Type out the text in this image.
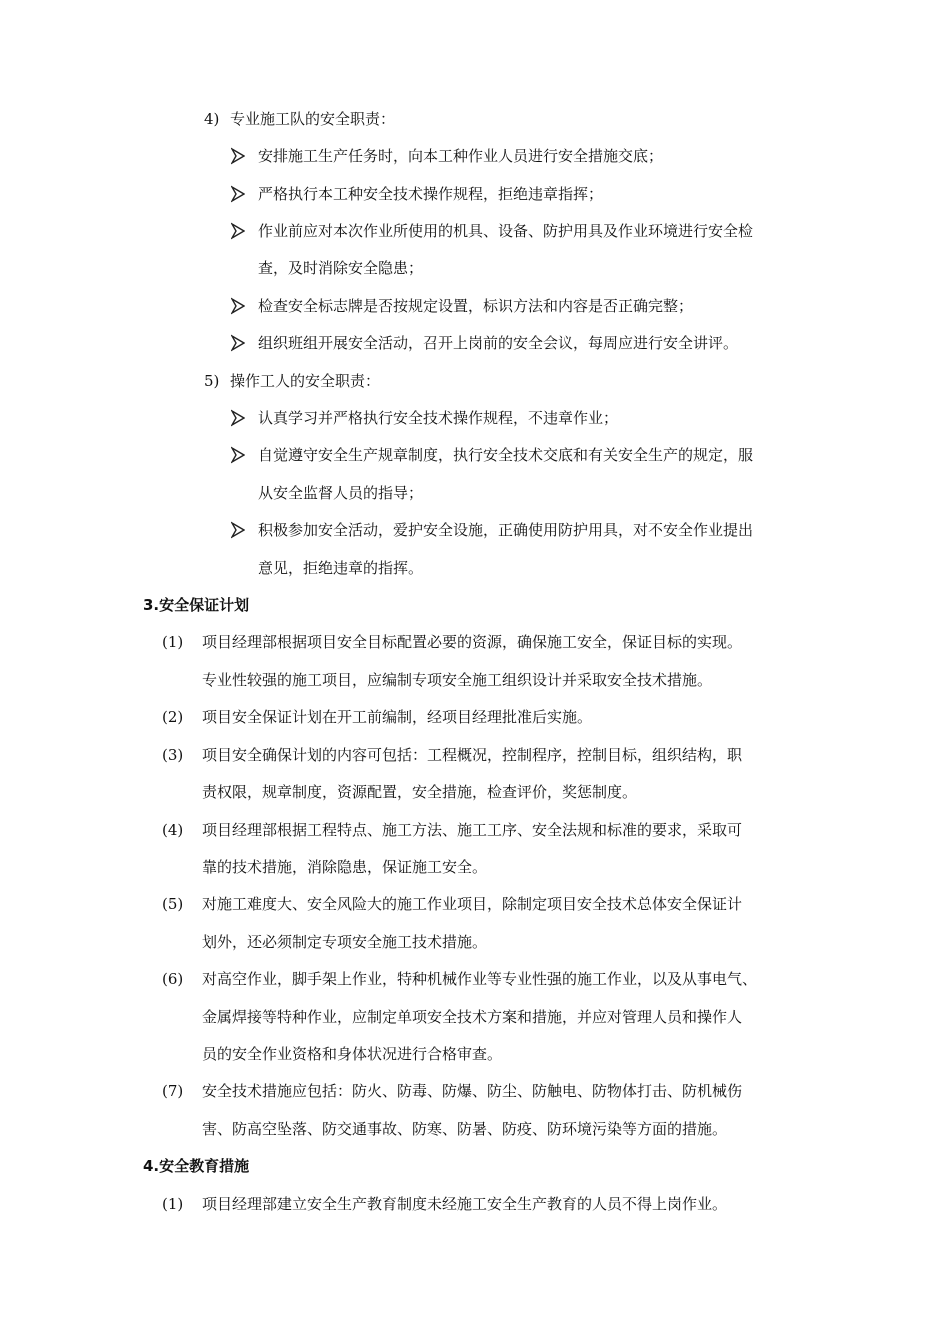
4) 专业施工队的安全职责：
安排施工生产任务时，向本工种作业人员进行安全措施交底；
严格执行本工种安全技术操作规程，拒绝违章指挥；
作业前应对本次作业所使用的机具、设备、防护用具及作业环境进行安全检
查，及时消除安全隐患；
检查安全标志牌是否按规定设置，标识方法和内容是否正确完整；
组织班组开展安全活动，召开上岗前的安全会议，每周应进行安全讲评。
5) 操作工人的安全职责：
认真学习并严格执行安全技术操作规程，不违章作业；
自觉遵守安全生产规章制度，执行安全技术交底和有关安全生产的规定，服
从安全监督人员的指导；
积极参加安全活动，爱护安全设施，正确使用防护用具，对不安全作业提出
意见，拒绝违章的指挥。
3.安全保证计划
(1) 项目经理部根据项目安全目标配置必要的资源，确保施工安全，保证目标的实现。
专业性较强的施工项目，应编制专项安全施工组织设计并采取安全技术措施。
(2) 项目安全保证计划在开工前编制，经项目经理批准后实施。
(3) 项目安全确保计划的内容可包括：工程概况，控制程序，控制目标，组织结构，职
责权限，规章制度，资源配置，安全措施，检查评价，奖惩制度。
(4) 项目经理部根据工程特点、施工方法、施工工序、安全法规和标准的要求，采取可
靠的技术措施，消除隐患，保证施工安全。
(5) 对施工难度大、安全风险大的施工作业项目，除制定项目安全技术总体安全保证计
划外，还必须制定专项安全施工技术措施。
(6) 对高空作业，脚手架上作业，特种机械作业等专业性强的施工作业，以及从事电气、
金属焊接等特种作业，应制定单项安全技术方案和措施，并应对管理人员和操作人
员的安全作业资格和身体状况进行合格审查。
(7) 安全技术措施应包括：防火、防毒、防爆、防尘、防触电、防物体打击、防机械伤
害、防高空坠落、防交通事故、防寒、防暑、防疫、防环境污染等方面的措施。
4.安全教育措施
(1) 项目经理部建立安全生产教育制度未经施工安全生产教育的人员不得上岗作业。
